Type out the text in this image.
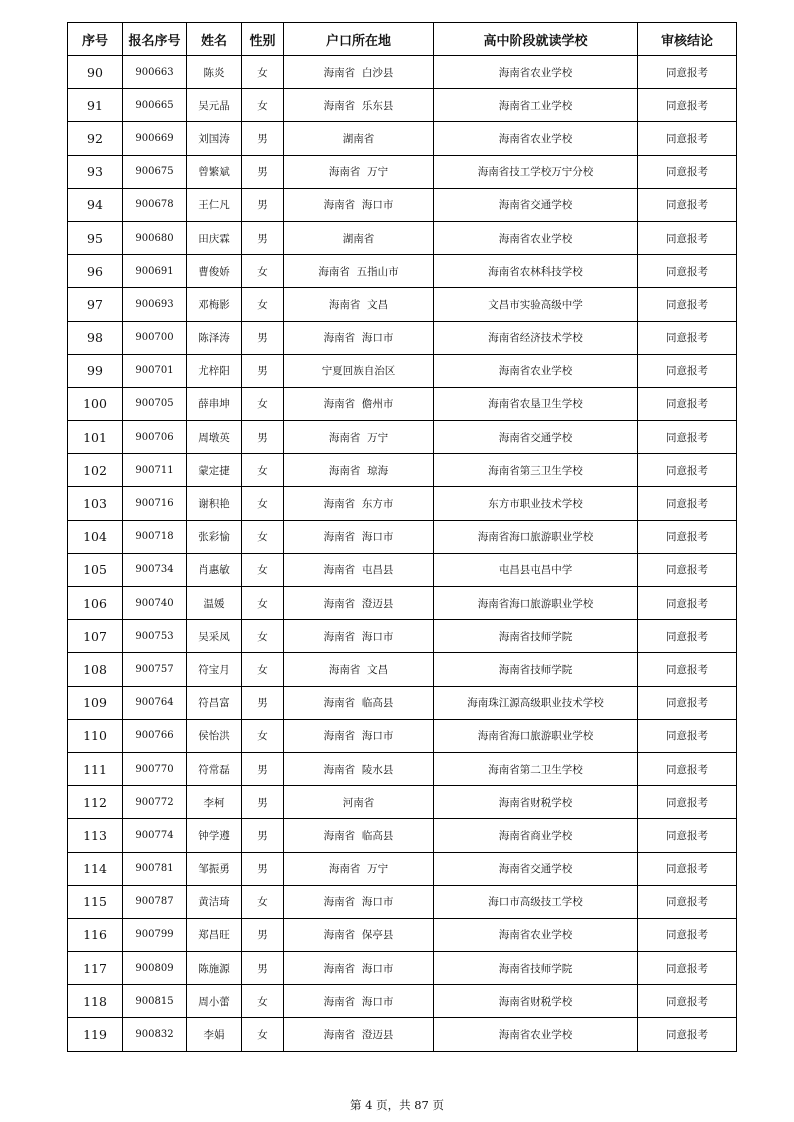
序号	报名序号	姓名	性别	户口所在地	高中阶段就读学校	审核结论
90	900663	陈炎	女	海南省  白沙县	海南省农业学校	同意报考
91	900665	吴元晶	女	海南省  乐东县	海南省工业学校	同意报考
92	900669	刘国涛	男	湖南省	海南省农业学校	同意报考
93	900675	曾繁斌	男	海南省  万宁	海南省技工学校万宁分校	同意报考
94	900678	王仁凡	男	海南省  海口市	海南省交通学校	同意报考
95	900680	田庆霖	男	湖南省	海南省农业学校	同意报考
96	900691	曹俊娇	女	海南省  五指山市	海南省农林科技学校	同意报考
97	900693	邓梅影	女	海南省  文昌	文昌市实验高级中学	同意报考
98	900700	陈泽涛	男	海南省  海口市	海南省经济技术学校	同意报考
99	900701	尤梓阳	男	宁夏回族自治区	海南省农业学校	同意报考
100	900705	薛串坤	女	海南省  儋州市	海南省农垦卫生学校	同意报考
101	900706	周墩英	男	海南省  万宁	海南省交通学校	同意报考
102	900711	蒙定捷	女	海南省  琼海	海南省第三卫生学校	同意报考
103	900716	谢积艳	女	海南省  东方市	东方市职业技术学校	同意报考
104	900718	张彩愉	女	海南省  海口市	海南省海口旅游职业学校	同意报考
105	900734	肖惠敏	女	海南省  屯昌县	屯昌县屯昌中学	同意报考
106	900740	温媛	女	海南省  澄迈县	海南省海口旅游职业学校	同意报考
107	900753	吴采凤	女	海南省  海口市	海南省技师学院	同意报考
108	900757	符宝月	女	海南省  文昌	海南省技师学院	同意报考
109	900764	符昌富	男	海南省  临高县	海南珠江源高级职业技术学校	同意报考
110	900766	侯怡洪	女	海南省  海口市	海南省海口旅游职业学校	同意报考
111	900770	符常磊	男	海南省  陵水县	海南省第二卫生学校	同意报考
112	900772	李柯	男	河南省	海南省财税学校	同意报考
113	900774	钟学遵	男	海南省  临高县	海南省商业学校	同意报考
114	900781	邹振勇	男	海南省  万宁	海南省交通学校	同意报考
115	900787	黄洁琦	女	海南省  海口市	海口市高级技工学校	同意报考
116	900799	郑昌旺	男	海南省  保亭县	海南省农业学校	同意报考
117	900809	陈施源	男	海南省  海口市	海南省技师学院	同意报考
118	900815	周小蕾	女	海南省  海口市	海南省财税学校	同意报考
119	900832	李娟	女	海南省  澄迈县	海南省农业学校	同意报考
第 4 页，共 87 页
